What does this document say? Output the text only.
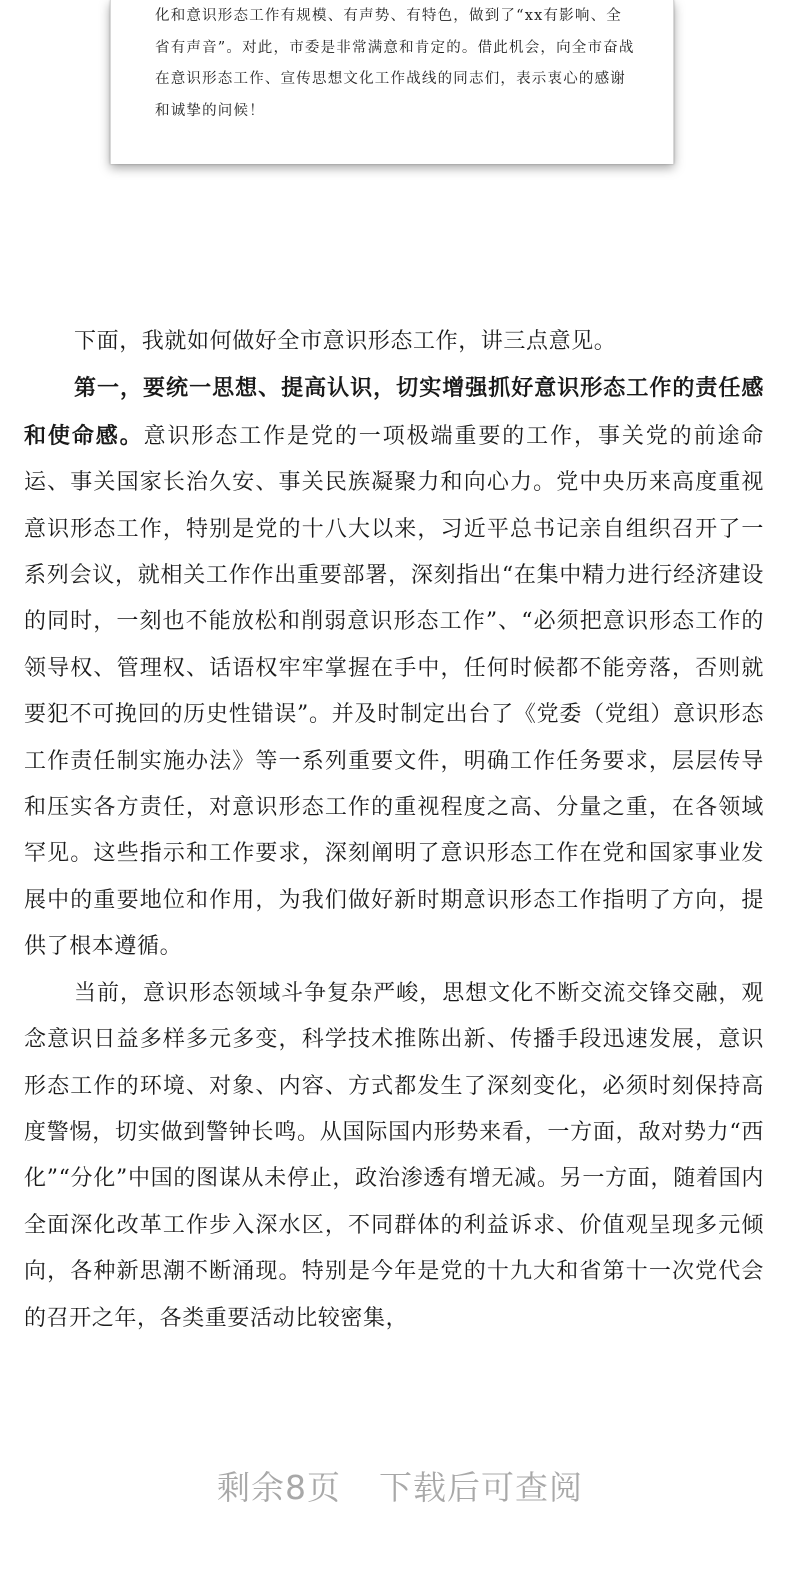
化和意识形态工作有规模、有声势、有特色，做到了“xx有影响、全省有声音”。对此，市委是非常满意和肯定的。借此机会，向全市奋战在意识形态工作、宣传思想文化工作战线的同志们，表示衷心的感谢和诚挚的问候！

下面，我就如何做好全市意识形态工作，讲三点意见。

第一，要统一思想、提高认识，切实增强抓好意识形态工作的责任感和使命感。意识形态工作是党的一项极端重要的工作，事关党的前途命运、事关国家长治久安、事关民族凝聚力和向心力。党中央历来高度重视意识形态工作，特别是党的十八大以来，习近平总书记亲自组织召开了一系列会议，就相关工作作出重要部署，深刻指出“在集中精力进行经济建设的同时，一刻也不能放松和削弱意识形态工作”、“必须把意识形态工作的领导权、管理权、话语权牢牢掌握在手中，任何时候都不能旁落，否则就要犯不可挽回的历史性错误”。并及时制定出台了《党委（党组）意识形态工作责任制实施办法》等一系列重要文件，明确工作任务要求，层层传导和压实各方责任，对意识形态工作的重视程度之高、分量之重，在各领域罕见。这些指示和工作要求，深刻阐明了意识形态工作在党和国家事业发展中的重要地位和作用，为我们做好新时期意识形态工作指明了方向，提供了根本遵循。

当前，意识形态领域斗争复杂严峻，思想文化不断交流交锋交融，观念意识日益多样多元多变，科学技术推陈出新、传播手段迅速发展，意识形态工作的环境、对象、内容、方式都发生了深刻变化，必须时刻保持高度警惕，切实做到警钟长鸣。从国际国内形势来看，一方面，敌对势力“西化”“分化”中国的图谋从未停止，政治渗透有增无减。另一方面，随着国内全面深化改革工作步入深水区，不同群体的利益诉求、价值观呈现多元倾向，各种新思潮不断涌现。特别是今年是党的十九大和省第十一次党代会的召开之年，各类重要活动比较密集，

剩余8页 下载后可查阅
